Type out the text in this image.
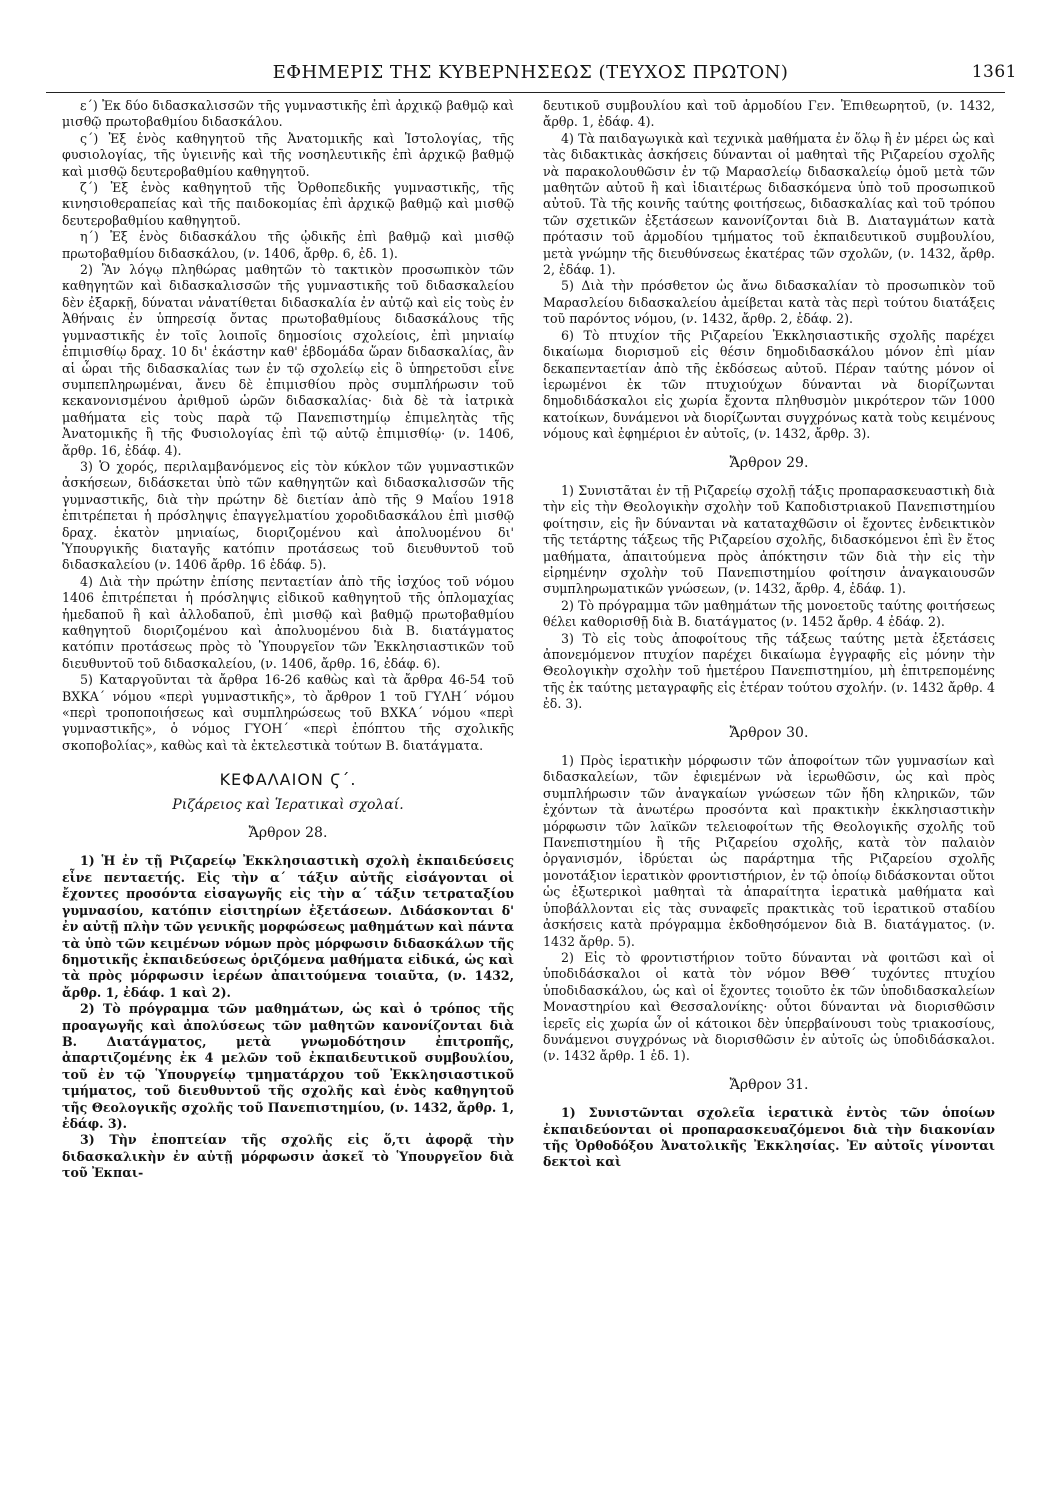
ΕΦΗΜΕΡΙΣ ΤΗΣ ΚΥΒΕΡΝΗΣΕΩΣ (ΤΕΥΧΟΣ ΠΡΩΤΟΝ)	1361

ε΄) Ἐκ δύο διδασκαλισσῶν τῆς γυμναστικῆς ἐπὶ ἀρχικῷ βαθμῷ καὶ μισθῷ πρωτοβαθμίου διδασκάλου.

ς΄) Ἐξ ἑνὸς καθηγητοῦ τῆς Ἀνατομικῆς καὶ Ἱστολογίας, τῆς φυσιολογίας, τῆς ὑγιεινῆς καὶ τῆς νοσηλευτικῆς ἐπὶ ἀρχικῷ βαθμῷ καὶ μισθῷ δευτεροβαθμίου καθηγητοῦ.

ζ΄) Ἐξ ἑνὸς καθηγητοῦ τῆς Ὀρθοπεδικῆς γυμναστικῆς, τῆς κινησιοθεραπείας καὶ τῆς παιδοκομίας ἐπὶ ἀρχικῷ βαθμῷ καὶ μισθῷ δευτεροβαθμίου καθηγητοῦ.

η΄) Ἐξ ἑνὸς διδασκάλου τῆς ᾠδικῆς ἐπὶ βαθμῷ καὶ μισθῷ πρωτοβαθμίου διδασκάλου, (ν. 1406, ἄρθρ. 6, ἐδ. 1).

2) Ἂν λόγῳ πληθώρας μαθητῶν τὸ τακτικὸν προσωπικὸν τῶν καθηγητῶν καὶ διδασκαλισσῶν τῆς γυμναστικῆς τοῦ διδασκαλείου δὲν ἐξαρκῇ, δύναται νἀνατίθεται διδασκαλία ἐν αὐτῷ καὶ εἰς τοὺς ἐν Ἀθήναις ἐν ὑπηρεσίᾳ ὄντας πρωτοβαθμίους διδασκάλους τῆς γυμναστικῆς ἐν τοῖς λοιποῖς δημοσίοις σχολείοις, ἐπὶ μηνιαίῳ ἐπιμισθίῳ δραχ. 10 δι' ἑκάστην καθ' ἑβδομάδα ὥραν διδασκαλίας, ἂν αἱ ὧραι τῆς διδασκαλίας των ἐν τῷ σχολείῳ εἰς ὃ ὑπηρετοῦσι εἶνε συμπεπληρωμέναι, ἄνευ δὲ ἐπιμισθίου πρὸς συμπλήρωσιν τοῦ κεκανονισμένου ἀριθμοῦ ὡρῶν διδασκαλίας· διὰ δὲ τὰ ἰατρικὰ μαθήματα εἰς τοὺς παρὰ τῷ Πανεπιστημίῳ ἐπιμελητὰς τῆς Ἀνατομικῆς ἢ τῆς Φυσιολογίας ἐπὶ τῷ αὐτῷ ἐπιμισθίῳ· (ν. 1406, ἄρθρ. 16, ἐδάφ. 4).

3) Ὁ χορός, περιλαμβανόμενος εἰς τὸν κύκλον τῶν γυμναστικῶν ἀσκήσεων, διδάσκεται ὑπὸ τῶν καθηγητῶν καὶ διδασκαλισσῶν τῆς γυμναστικῆς, διὰ τὴν πρώτην δὲ διετίαν ἀπὸ τῆς 9 Μαΐου 1918 ἐπιτρέπεται ἡ πρόσληψις ἐπαγγελματίου χοροδιδασκάλου ἐπὶ μισθῷ δραχ. ἑκατὸν μηνιαίως, διοριζομένου καὶ ἀπολυομένου δι' Ὑπουργικῆς διαταγῆς κατόπιν προτάσεως τοῦ διευθυντοῦ τοῦ διδασκαλείου (ν. 1406 ἄρθρ. 16 ἐδάφ. 5).

4) Διὰ τὴν πρώτην ἐπίσης πενταετίαν ἀπὸ τῆς ἰσχύος τοῦ νόμου 1406 ἐπιτρέπεται ἡ πρόσληψις εἰδικοῦ καθηγητοῦ τῆς ὁπλομαχίας ἡμεδαποῦ ἢ καὶ ἀλλοδαποῦ, ἐπὶ μισθῷ καὶ βαθμῷ πρωτοβαθμίου καθηγητοῦ διοριζομένου καὶ ἀπολυομένου διὰ Β. διατάγματος κατόπιν προτάσεως πρὸς τὸ Ὑπουργεῖον τῶν Ἐκκλησιαστικῶν τοῦ διευθυντοῦ τοῦ διδασκαλείου, (ν. 1406, ἄρθρ. 16, ἐδάφ. 6).

5) Καταργοῦνται τὰ ἄρθρα 16-26 καθὼς καὶ τὰ ἄρθρα 46-54 τοῦ ΒΧΚΑ΄ νόμου «περὶ γυμναστικῆς», τὸ ἄρθρον 1 τοῦ ΓΥΛΗ΄ νόμου «περὶ τροποποιήσεως καὶ συμπληρώσεως τοῦ ΒΧΚΑ΄ νόμου «περὶ γυμναστικῆς», ὁ νόμος ΓΥΟΗ΄ «περὶ ἐπόπτου τῆς σχολικῆς σκοποβολίας», καθὼς καὶ τὰ ἐκτελεστικὰ τούτων Β. διατάγματα.

ΚΕΦΑΛΑΙΟΝ Ϛ΄.

Ριζάρειος καὶ Ἱερατικαὶ σχολαί.

Ἄρθρον 28.

1) Ἡ ἐν τῇ Ριζαρείῳ Ἐκκλησιαστικὴ σχολὴ ἐκπαιδεύσεις εἶνε πενταετής. Εἰς τὴν α΄ τάξιν αὐτῆς εἰσάγονται οἱ ἔχοντες προσόντα εἰσαγωγῆς εἰς τὴν α΄ τάξιν τετραταξίου γυμνασίου, κατόπιν εἰσιτηρίων ἐξετάσεων. Διδάσκονται δ' ἐν αὐτῇ πλὴν τῶν γενικῆς μορφώσεως μαθημάτων καὶ πάντα τὰ ὑπὸ τῶν κειμένων νόμων πρὸς μόρφωσιν διδασκάλων τῆς δημοτικῆς ἐκπαιδεύσεως ὁριζόμενα μαθήματα εἰδικά, ὡς καὶ τὰ πρὸς μόρφωσιν ἱερέων ἀπαιτούμενα τοιαῦτα, (ν. 1432, ἄρθρ. 1, ἐδάφ. 1 καὶ 2).

2) Τὸ πρόγραμμα τῶν μαθημάτων, ὡς καὶ ὁ τρόπος τῆς προαγωγῆς καὶ ἀπολύσεως τῶν μαθητῶν κανονίζονται διὰ Β. Διατάγματος, μετὰ γνωμοδότησιν ἐπιτροπῆς, ἀπαρτιζομένης ἐκ 4 μελῶν τοῦ ἐκπαιδευτικοῦ συμβουλίου, τοῦ ἐν τῷ Ὑπουργείῳ τμηματάρχου τοῦ Ἐκκλησιαστικοῦ τμήματος, τοῦ διευθυντοῦ τῆς σχολῆς καὶ ἑνὸς καθηγητοῦ τῆς Θεολογικῆς σχολῆς τοῦ Πανεπιστημίου, (ν. 1432, ἄρθρ. 1, ἐδάφ. 3).

3) Τὴν ἐποπτείαν τῆς σχολῆς εἰς ὅ,τι ἀφορᾷ τὴν διδασκαλικὴν ἐν αὐτῇ μόρφωσιν ἀσκεῖ τὸ Ὑπουργεῖον διὰ τοῦ Ἐκπαι-

δευτικοῦ συμβουλίου καὶ τοῦ ἁρμοδίου Γεν. Ἐπιθεωρητοῦ, (ν. 1432, ἄρθρ. 1, ἐδάφ. 4).

4) Τὰ παιδαγωγικὰ καὶ τεχνικὰ μαθήματα ἐν ὅλῳ ἢ ἐν μέρει ὡς καὶ τὰς διδακτικὰς ἀσκήσεις δύνανται οἱ μαθηταὶ τῆς Ριζαρείου σχολῆς νὰ παρακολουθῶσιν ἐν τῷ Μαρασλείῳ διδασκαλείῳ ὁμοῦ μετὰ τῶν μαθητῶν αὐτοῦ ἢ καὶ ἰδιαιτέρως διδασκόμενα ὑπὸ τοῦ προσωπικοῦ αὐτοῦ. Τὰ τῆς κοινῆς ταύτης φοιτήσεως, διδασκαλίας καὶ τοῦ τρόπου τῶν σχετικῶν ἐξετάσεων κανονίζονται διὰ Β. Διαταγμάτων κατὰ πρότασιν τοῦ ἁρμοδίου τμήματος τοῦ ἐκπαιδευτικοῦ συμβουλίου, μετὰ γνώμην τῆς διευθύνσεως ἑκατέρας τῶν σχολῶν, (ν. 1432, ἄρθρ. 2, ἐδάφ. 1).

5) Διὰ τὴν πρόσθετον ὡς ἄνω διδασκαλίαν τὸ προσωπικὸν τοῦ Μαρασλείου διδασκαλείου ἀμείβεται κατὰ τὰς περὶ τούτου διατάξεις τοῦ παρόντος νόμου, (ν. 1432, ἄρθρ. 2, ἐδάφ. 2).

6) Τὸ πτυχίον τῆς Ριζαρείου Ἐκκλησιαστικῆς σχολῆς παρέχει δικαίωμα διορισμοῦ εἰς θέσιν δημοδιδασκάλου μόνον ἐπὶ μίαν δεκαπενταετίαν ἀπὸ τῆς ἐκδόσεως αὐτοῦ. Πέραν ταύτης μόνον οἱ ἱερωμένοι ἐκ τῶν πτυχιούχων δύνανται νὰ διορίζωνται δημοδιδάσκαλοι εἰς χωρία ἔχοντα πληθυσμὸν μικρότερον τῶν 1000 κατοίκων, δυνάμενοι νὰ διορίζωνται συγχρόνως κατὰ τοὺς κειμένους νόμους καὶ ἐφημέριοι ἐν αὐτοῖς, (ν. 1432, ἄρθρ. 3).

Ἄρθρον 29.

1) Συνιστᾶται ἐν τῇ Ριζαρείῳ σχολῇ τάξις προπαρασκευαστικὴ διὰ τὴν εἰς τὴν Θεολογικὴν σχολὴν τοῦ Καποδιστριακοῦ Πανεπιστημίου φοίτησιν, εἰς ἣν δύνανται νὰ καταταχθῶσιν οἱ ἔχοντες ἐνδεικτικὸν τῆς τετάρτης τάξεως τῆς Ριζαρείου σχολῆς, διδασκόμενοι ἐπὶ ἓν ἔτος μαθήματα, ἀπαιτούμενα πρὸς ἀπόκτησιν τῶν διὰ τὴν εἰς τὴν εἰρημένην σχολὴν τοῦ Πανεπιστημίου φοίτησιν ἀναγκαιουσῶν συμπληρωματικῶν γνώσεων, (ν. 1432, ἄρθρ. 4, ἐδάφ. 1).

2) Τὸ πρόγραμμα τῶν μαθημάτων τῆς μονοετοῦς ταύτης φοιτήσεως θέλει καθορισθῇ διὰ Β. διατάγματος (ν. 1452 ἄρθρ. 4 ἐδάφ. 2).

3) Τὸ εἰς τοὺς ἀποφοίτους τῆς τάξεως ταύτης μετὰ ἐξετάσεις ἀπονεμόμενον πτυχίον παρέχει δικαίωμα ἐγγραφῆς εἰς μόνην τὴν Θεολογικὴν σχολὴν τοῦ ἡμετέρου Πανεπιστημίου, μὴ ἐπιτρεπομένης τῆς ἐκ ταύτης μεταγραφῆς εἰς ἑτέραν τούτου σχολήν. (ν. 1432 ἄρθρ. 4 ἐδ. 3).

Ἄρθρον 30.

1) Πρὸς ἱερατικὴν μόρφωσιν τῶν ἀποφοίτων τῶν γυμνασίων καὶ διδασκαλείων, τῶν ἐφιεμένων νὰ ἱερωθῶσιν, ὡς καὶ πρὸς συμπλήρωσιν τῶν ἀναγκαίων γνώσεων τῶν ἤδη κληρικῶν, τῶν ἐχόντων τὰ ἀνωτέρω προσόντα καὶ πρακτικὴν ἐκκλησιαστικὴν μόρφωσιν τῶν λαϊκῶν τελειοφοίτων τῆς Θεολογικῆς σχολῆς τοῦ Πανεπιστημίου ἢ τῆς Ριζαρείου σχολῆς, κατὰ τὸν παλαιὸν ὀργανισμόν, ἱδρύεται ὡς παράρτημα τῆς Ριζαρείου σχολῆς μονοτάξιον ἱερατικὸν φροντιστήριον, ἐν τῷ ὁποίῳ διδάσκονται οὕτοι ὡς ἐξωτερικοὶ μαθηταὶ τὰ ἀπαραίτητα ἱερατικὰ μαθήματα καὶ ὑποβάλλονται εἰς τὰς συναφεῖς πρακτικὰς τοῦ ἱερατικοῦ σταδίου ἀσκήσεις κατὰ πρόγραμμα ἐκδοθησόμενον διὰ Β. διατάγματος. (ν. 1432 ἄρθρ. 5).

2) Εἰς τὸ φροντιστήριον τοῦτο δύνανται νὰ φοιτῶσι καὶ οἱ ὑποδιδάσκαλοι οἱ κατὰ τὸν νόμον ΒΘΘ΄ τυχόντες πτυχίου ὑποδιδασκάλου, ὡς καὶ οἱ ἔχοντες τοιοῦτο ἐκ τῶν ὑποδιδασκαλείων Μοναστηρίου καὶ Θεσσαλονίκης· οὗτοι δύνανται νὰ διορισθῶσιν ἱερεῖς εἰς χωρία ὧν οἱ κάτοικοι δὲν ὑπερβαίνουσι τοὺς τριακοσίους, δυνάμενοι συγχρόνως νὰ διορισθῶσιν ἐν αὐτοῖς ὡς ὑποδιδάσκαλοι. (ν. 1432 ἄρθρ. 1 ἐδ. 1).

Ἄρθρον 31.

1) Συνιστῶνται σχολεῖα ἱερατικὰ ἐντὸς τῶν ὁποίων ἐκπαιδεύονται οἱ προπαρασκευαζόμενοι διὰ τὴν διακονίαν τῆς Ὀρθοδόξου Ἀνατολικῆς Ἐκκλησίας. Ἐν αὐτοῖς γίνονται δεκτοὶ καὶ
